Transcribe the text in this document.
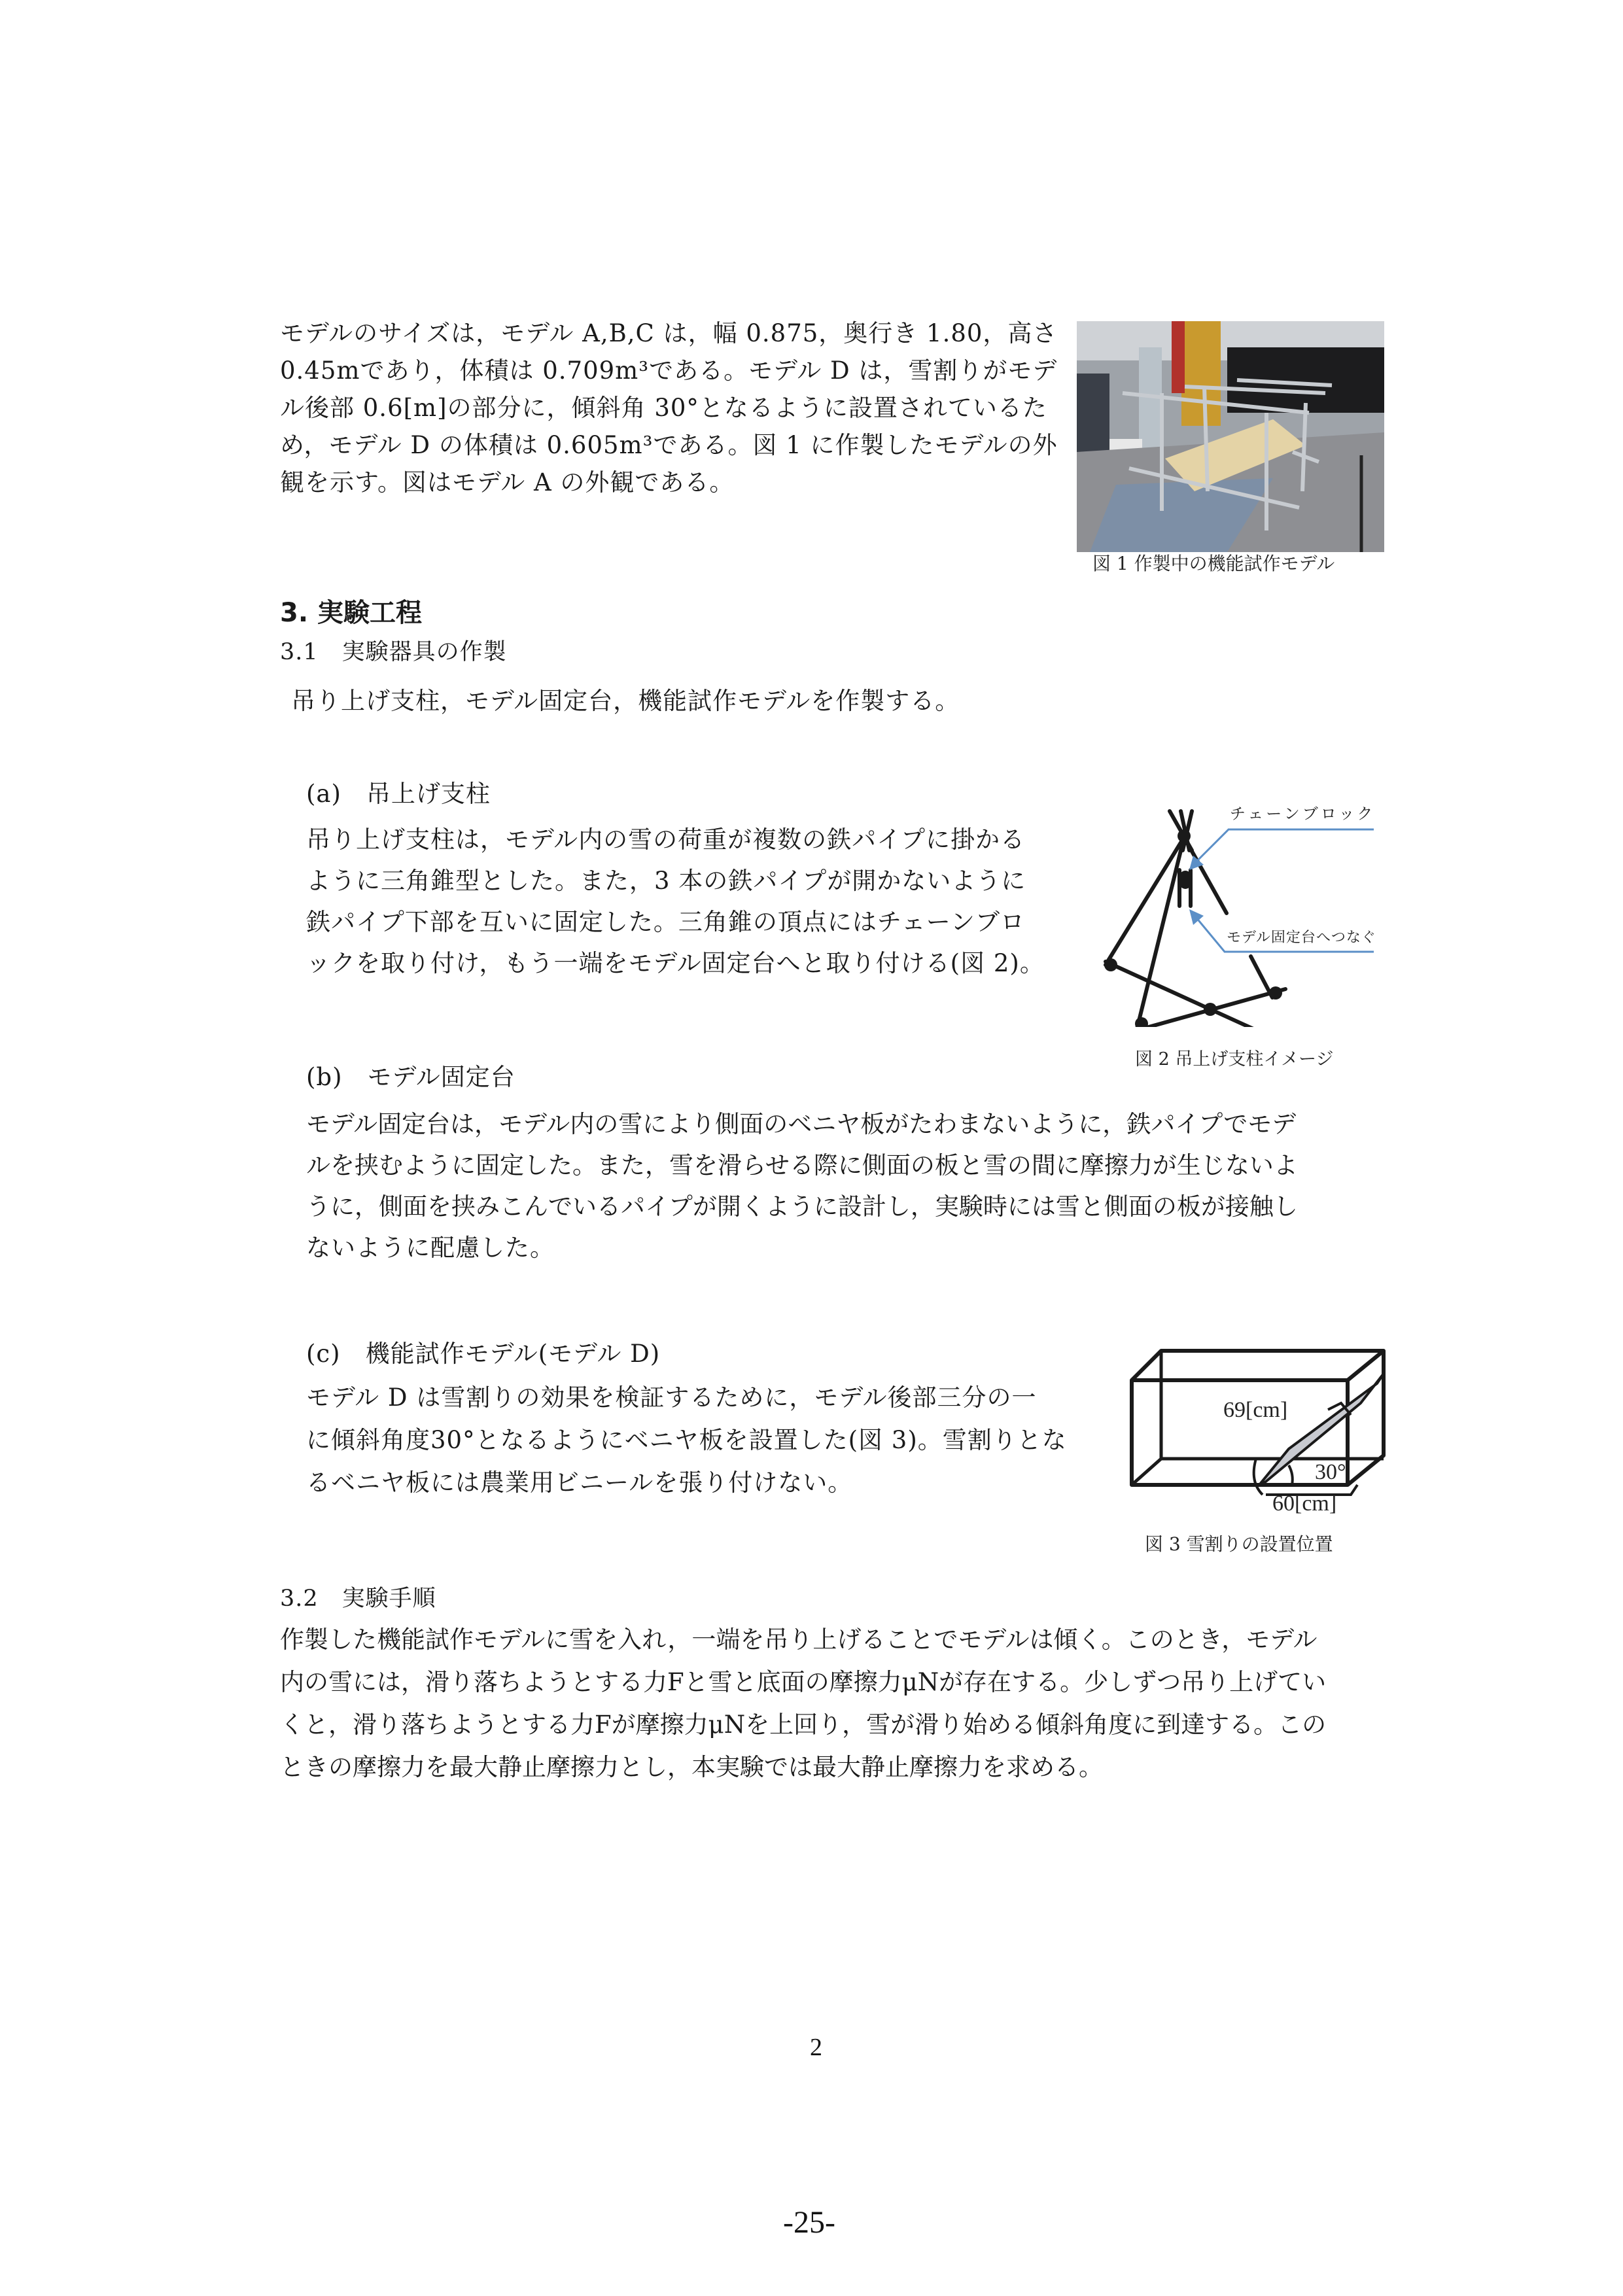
モデルのサイズは，モデル A,B,C は，幅 0.875，奥行き 1.80，高さ
0.45mであり，体積は 0.709m³である。モデル D は，雪割りがモデ
ル後部 0.6[m]の部分に，傾斜角 30°となるように設置されているた
め，モデル D の体積は 0.605m³である。図 1 に作製したモデルの外
観を示す。図はモデル A の外観である。
図 1 作製中の機能試作モデル
3. 実験工程
3.1　実験器具の作製
吊り上げ支柱，モデル固定台，機能試作モデルを作製する。
(a)　吊上げ支柱
吊り上げ支柱は，モデル内の雪の荷重が複数の鉄パイプに掛かる
ように三角錐型とした。また，3 本の鉄パイプが開かないように
鉄パイプ下部を互いに固定した。三角錐の頂点にはチェーンブロ
ックを取り付け，もう一端をモデル固定台へと取り付ける(図 2)。
チェーンブロック
モデル固定台へつなぐ
図 2 吊上げ支柱イメージ
(b)　モデル固定台
モデル固定台は，モデル内の雪により側面のベニヤ板がたわまないように，鉄パイプでモデ
ルを挟むように固定した。また，雪を滑らせる際に側面の板と雪の間に摩擦力が生じないよ
うに，側面を挟みこんでいるパイプが開くように設計し，実験時には雪と側面の板が接触し
ないように配慮した。
(c)　機能試作モデル(モデル D)
モデル D は雪割りの効果を検証するために，モデル後部三分の一
に傾斜角度30°となるようにベニヤ板を設置した(図 3)。雪割りとな
るベニヤ板には農業用ビニールを張り付けない。
69[cm]
30°
60[cm]
図 3 雪割りの設置位置
3.2　実験手順
作製した機能試作モデルに雪を入れ，一端を吊り上げることでモデルは傾く。このとき，モデル
内の雪には，滑り落ちようとする力Fと雪と底面の摩擦力μNが存在する。少しずつ吊り上げてい
くと，滑り落ちようとする力Fが摩擦力μNを上回り，雪が滑り始める傾斜角度に到達する。この
ときの摩擦力を最大静止摩擦力とし，本実験では最大静止摩擦力を求める。
2
-25-
